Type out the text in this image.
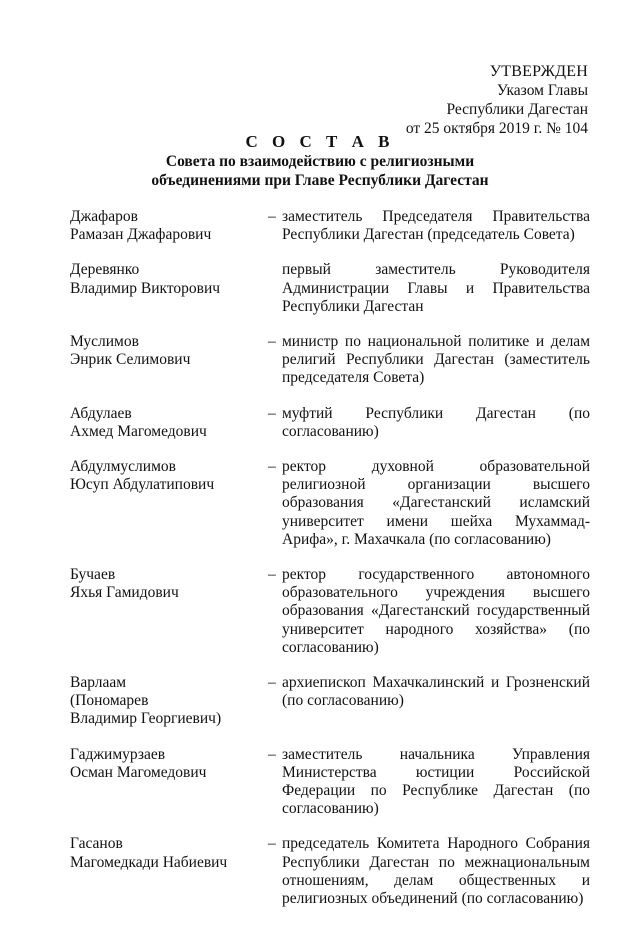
УТВЕРЖДЕН
Указом Главы
Республики Дагестан
от 25 октября 2019 г. № 104
С О С Т А В
Совета по взаимодействию с религиозными
объединениями при Главе Республики Дагестан
Джафаров
Рамазан Джафарович
– заместитель Председателя Правительства
Республики Дагестан (председатель Совета)
Деревянко
Владимир Викторович
первый заместитель Руководителя
Администрации Главы и Правительства
Республики Дагестан
Муслимов
Энрик Селимович
– министр по национальной политике и делам
религий Республики Дагестан (заместитель
председателя Совета)
Абдулаев
Ахмед Магомедович
– муфтий Республики Дагестан (по
согласованию)
Абдулмуслимов
Юсуп Абдулатипович
– ректор духовной образовательной
религиозной организации высшего
образования «Дагестанский исламский
университет имени шейха Мухаммад-
Арифа», г. Махачкала (по согласованию)
Бучаев
Яхья Гамидович
– ректор государственного автономного
образовательного учреждения высшего
образования «Дагестанский государственный
университет народного хозяйства» (по
согласованию)
Варлаам
(Пономарев
Владимир Георгиевич)
– архиепископ Махачкалинский и Грозненский
(по согласованию)
Гаджимурзаев
Осман Магомедович
– заместитель начальника Управления
Министерства юстиции Российской
Федерации по Республике Дагестан (по
согласованию)
Гасанов
Магомедкади Набиевич
– председатель Комитета Народного Собрания
Республики Дагестан по межнациональным
отношениям, делам общественных и
религиозных объединений (по согласованию)
